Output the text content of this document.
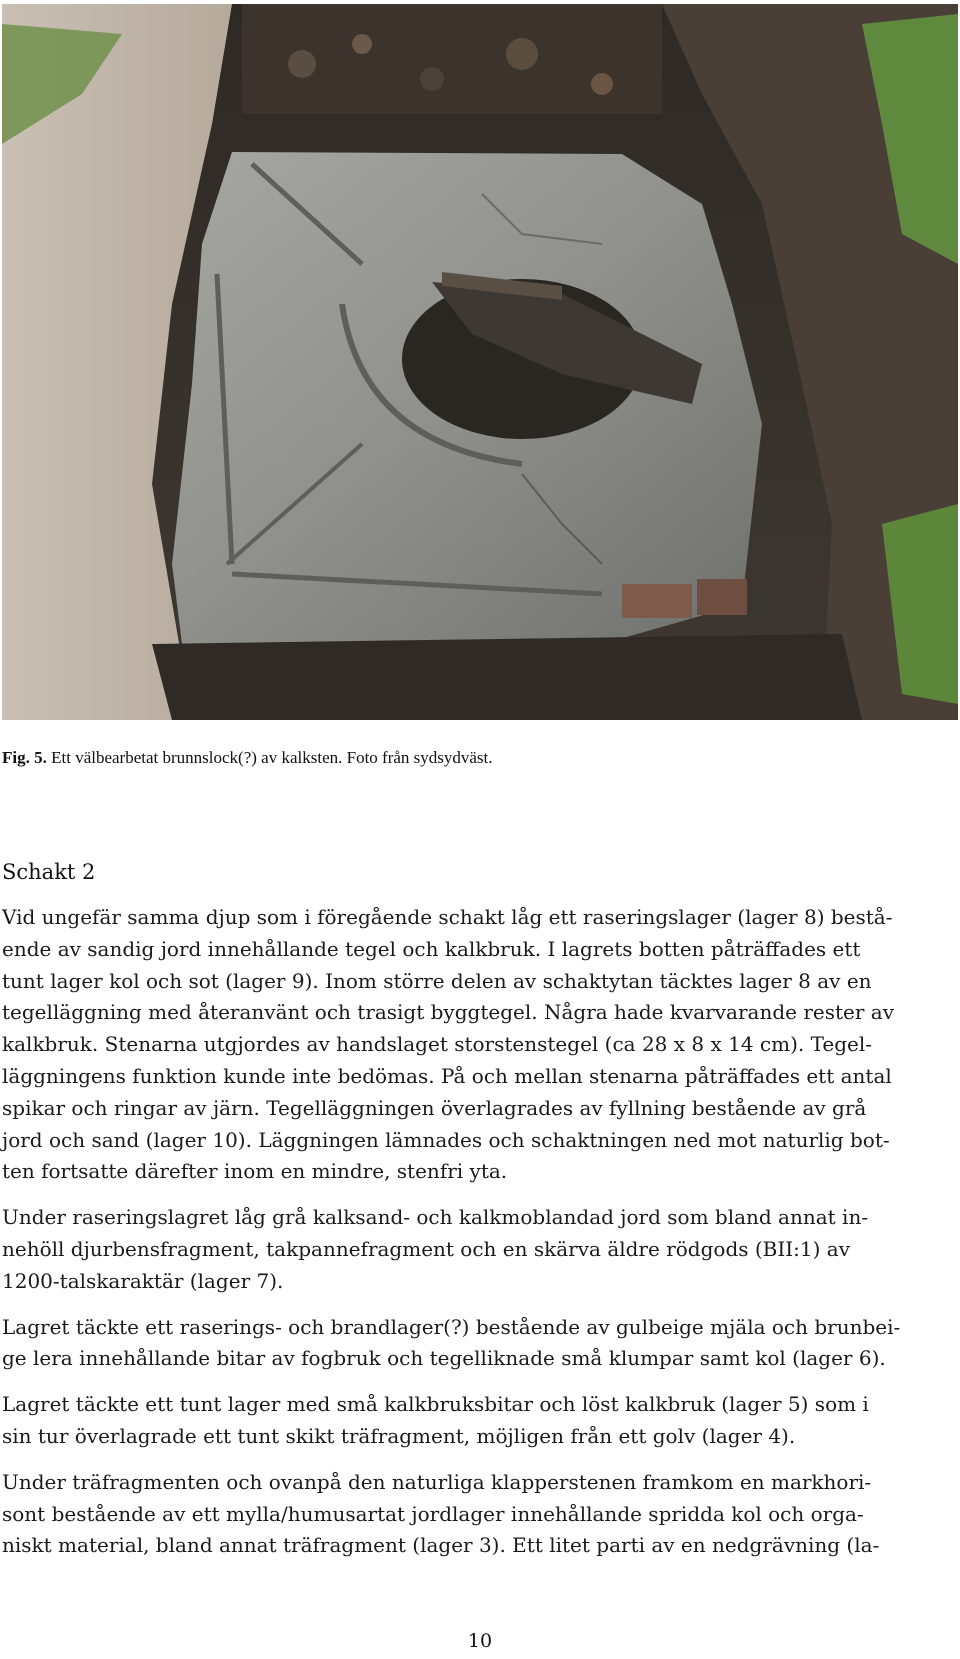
Fig. 5. Ett välbearbetat brunnslock(?) av kalksten. Foto från sydsydväst.
Schakt 2

Vid ungefär samma djup som i föregående schakt låg ett raseringslager (lager 8) bestå-
ende av sandig jord innehållande tegel och kalkbruk. I lagrets botten påträffades ett
tunt lager kol och sot (lager 9). Inom större delen av schaktytan täcktes lager 8 av en
tegelläggning med återanvänt och trasigt byggtegel. Några hade kvarvarande rester av
kalkbruk. Stenarna utgjordes av handslaget storstenstegel (ca 28 x 8 x 14 cm). Tegel-
läggningens funktion kunde inte bedömas. På och mellan stenarna påträffades ett antal
spikar och ringar av järn. Tegelläggningen överlagrades av fyllning bestående av grå
jord och sand (lager 10). Läggningen lämnades och schaktningen ned mot naturlig bot-
ten fortsatte därefter inom en mindre, stenfri yta.

Under raseringslagret låg grå kalksand- och kalkmoblandad jord som bland annat in-
nehöll djurbensfragment, takpannefragment och en skärva äldre rödgods (BII:1) av
1200-talskaraktär (lager 7).

Lagret täckte ett raserings- och brandlager(?) bestående av gulbeige mjäla och brunbei-
ge lera innehållande bitar av fogbruk och tegelliknade små klumpar samt kol (lager 6).

Lagret täckte ett tunt lager med små kalkbruksbitar och löst kalkbruk (lager 5) som i
sin tur överlagrade ett tunt skikt träfragment, möjligen från ett golv (lager 4).

Under träfragmenten och ovanpå den naturliga klapperstenen framkom en markhori-
sont bestående av ett mylla/humusartat jordlager innehållande spridda kol och orga-
niskt material, bland annat träfragment (lager 3). Ett litet parti av en nedgrävning (la-

10
